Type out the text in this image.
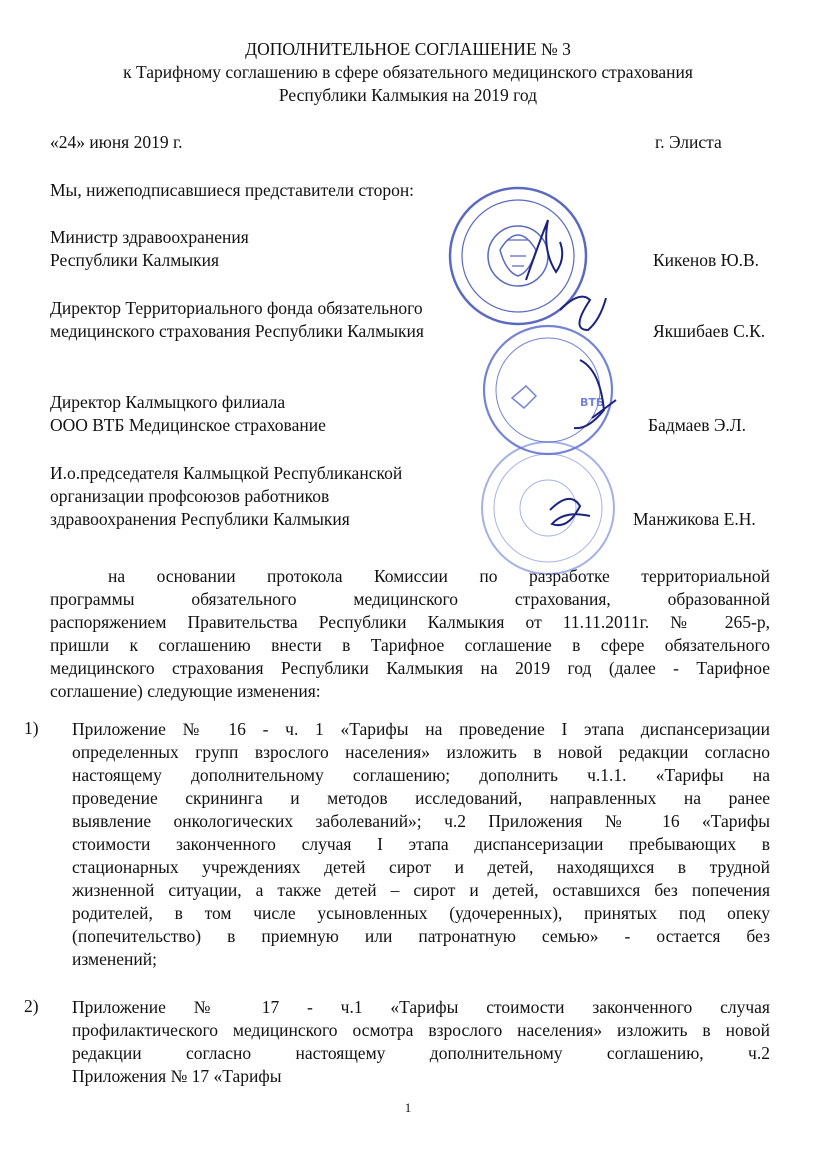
ДОПОЛНИТЕЛЬНОЕ СОГЛАШЕНИЕ № 3
к Тарифному соглашению в сфере обязательного медицинского страхования
Республики Калмыкия на 2019 год
«24» июня 2019 г.	г. Элиста
Мы, нижеподписавшиеся представители сторон:
Министр здравоохранения
Республики Калмыкия	Кикенов Ю.В.
Директор Территориального фонда обязательного
медицинского страхования Республики Калмыкия	Якшибаев С.К.
Директор Калмыцкого филиала
ООО ВТБ Медицинское страхование	Бадмаев Э.Л.
И.о.председателя Калмыцкой Республиканской
организации профсоюзов работников
здравоохранения Республики Калмыкия	Манжикова Е.Н.
ВТБ
на основании протокола Комиссии по разработке территориальной
программы обязательного медицинского страхования, образованной
распоряжением Правительства Республики Калмыкия от 11.11.2011г. № 265-р,
пришли к соглашению внести в Тарифное соглашение в сфере обязательного
медицинского страхования Республики Калмыкия на 2019 год (далее - Тарифное
соглашение) следующие изменения:
1) Приложение № 16 - ч. 1 «Тарифы на проведение I этапа диспансеризации
определенных групп взрослого населения» изложить в новой редакции согласно
настоящему дополнительному соглашению; дополнить ч.1.1. «Тарифы на
проведение скрининга и методов исследований, направленных на ранее
выявление онкологических заболеваний»; ч.2 Приложения № 16 «Тарифы
стоимости законченного случая I этапа диспансеризации пребывающих в
стационарных учреждениях детей сирот и детей, находящихся в трудной
жизненной ситуации, а также детей – сирот и детей, оставшихся без попечения
родителей, в том числе усыновленных (удочеренных), принятых под опеку
(попечительство) в приемную или патронатную семью» - остается без
изменений;
2) Приложение № 17 - ч.1 «Тарифы стоимости законченного случая
профилактического медицинского осмотра взрослого населения» изложить в новой
редакции согласно настоящему дополнительному соглашению, ч.2
Приложения № 17 «Тарифы
1
